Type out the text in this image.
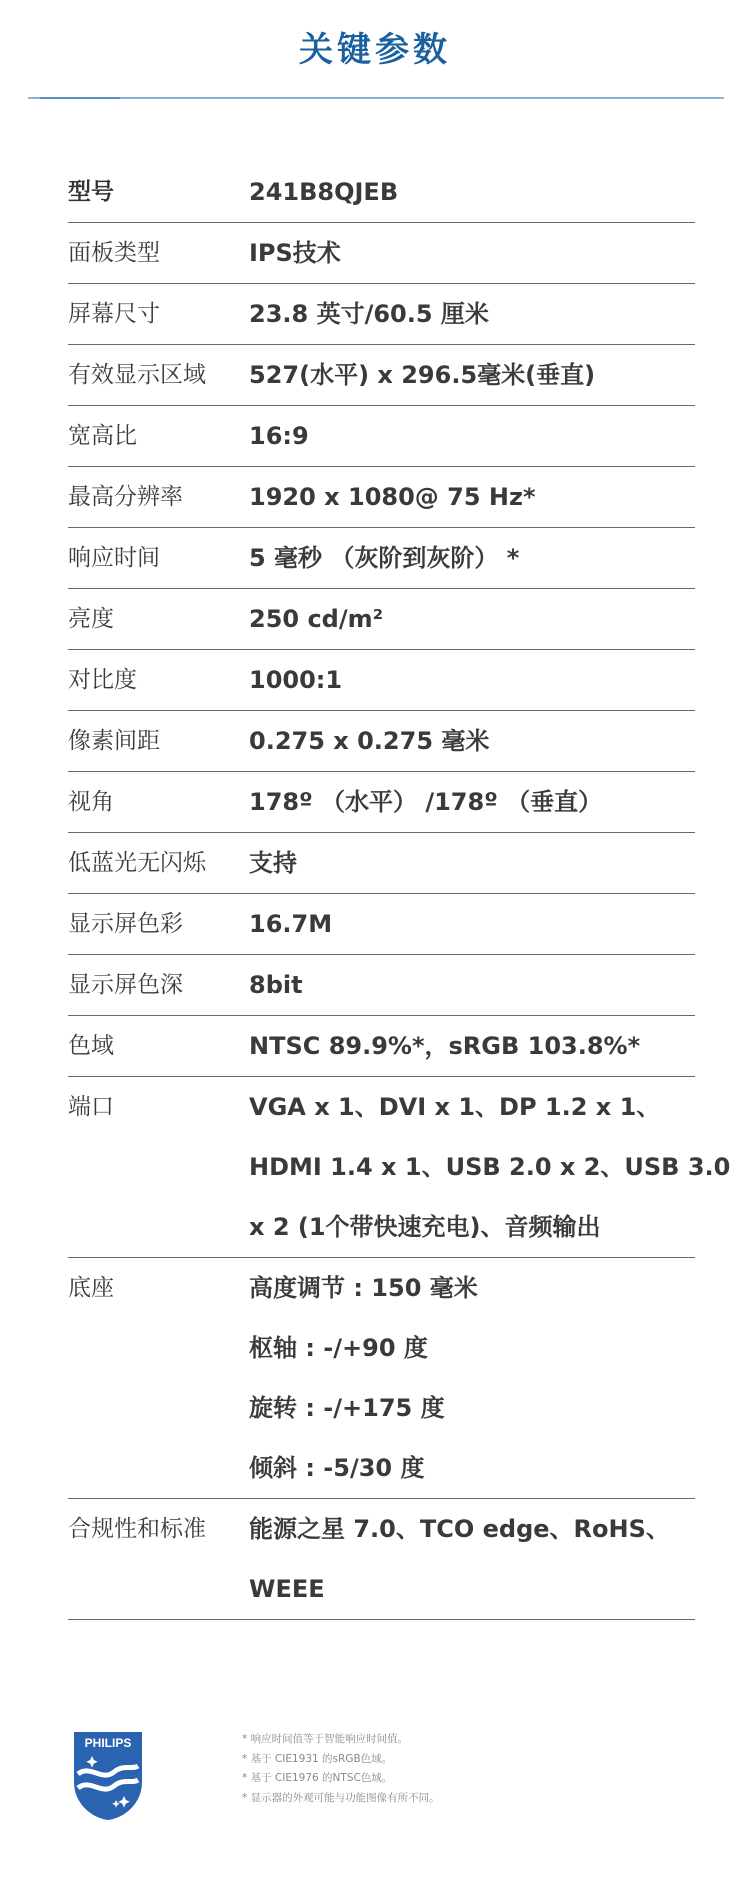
关键参数
型号	241B8QJEB
面板类型	IPS技术
屏幕尺寸	23.8 英寸/60.5 厘米
有效显示区域	527(水平) x 296.5毫米(垂直)
宽高比	16:9
最高分辨率	1920 x 1080@ 75 Hz*
响应时间	5 毫秒 （灰阶到灰阶） *
亮度	250 cd/m²
对比度	1000:1
像素间距	0.275 x 0.275 毫米
视角	178º （水平） /178º （垂直）
低蓝光无闪烁	支持
显示屏色彩	16.7M
显示屏色深	8bit
色域	NTSC 89.9%*，sRGB 103.8%*
端口	VGA x 1、DVI x 1、DP 1.2 x 1、
HDMI 1.4 x 1、USB 2.0 x 2、USB 3.0
x 2 (1个带快速充电)、音频输出
底座	高度调节 : 150 毫米
枢轴 : -/+90 度
旋转 : -/+175 度
倾斜 : -5/30 度
合规性和标准	能源之星 7.0、TCO edge、RoHS、
WEEE
PHILIPS	* 响应时间值等于智能响应时间值。
* 基于 CIE1931 的sRGB色域。
* 基于 CIE1976 的NTSC色域。
* 显示器的外观可能与功能图像有所不同。
